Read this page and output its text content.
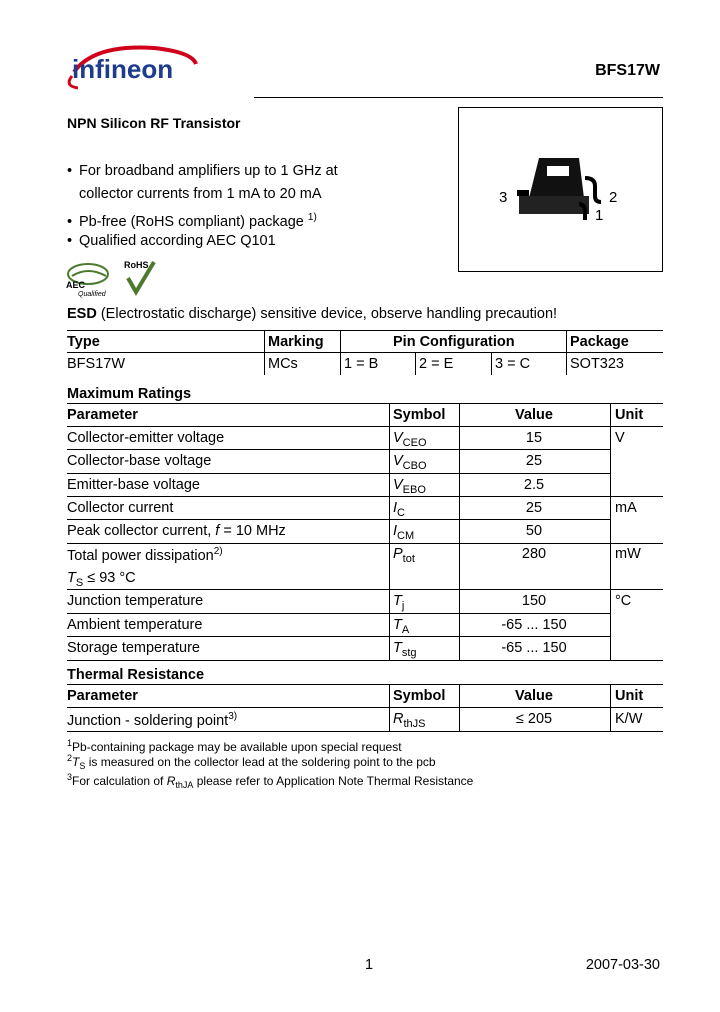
infineon	BFS17W
NPN Silicon RF Transistor
• For broadband amplifiers up to 1 GHz at
collector currents from 1 mA to 20 mA
• Pb-free (RoHS compliant) package $^{1)}$
• Qualified according AEC Q101
3	2
1
AEC
Qualified
RoHS
ESD (Electrostatic discharge) sensitive device, observe handling precaution!
Type	Marking	Pin Configuration	Package
BFS17W	MCs	1 = B	2 = E	3 = C	SOT323
Maximum Ratings
Parameter	Symbol	Value	Unit
Collector-emitter voltage	$V_{CEO}$	15	V
Collector-base voltage	$V_{CBO}$	25
Emitter-base voltage	$V_{EBO}$	2.5
Collector current	$I_C$	25	mA
Peak collector current, f = 10 MHz	$I_{CM}$	50
Total power dissipation$^{2)}$
$T_S \le 93$ °C
$P_{tot}$	280	mW
Junction temperature	$T_j$	150	°C
Ambient temperature	$T_A$	-65 ... 150
Storage temperature	$T_{stg}$	-65 ... 150
Thermal Resistance
Parameter	Symbol	Value	Unit
Junction - soldering point$^{3)}$	$R_{thJS}$	≤ 205	K/W
$^1$Pb-containing package may be available upon special request
$^2T_S$ is measured on the collector lead at the soldering point to the pcb
$^3$For calculation of $R_{thJA}$ please refer to Application Note Thermal Resistance
1	2007-03-30
